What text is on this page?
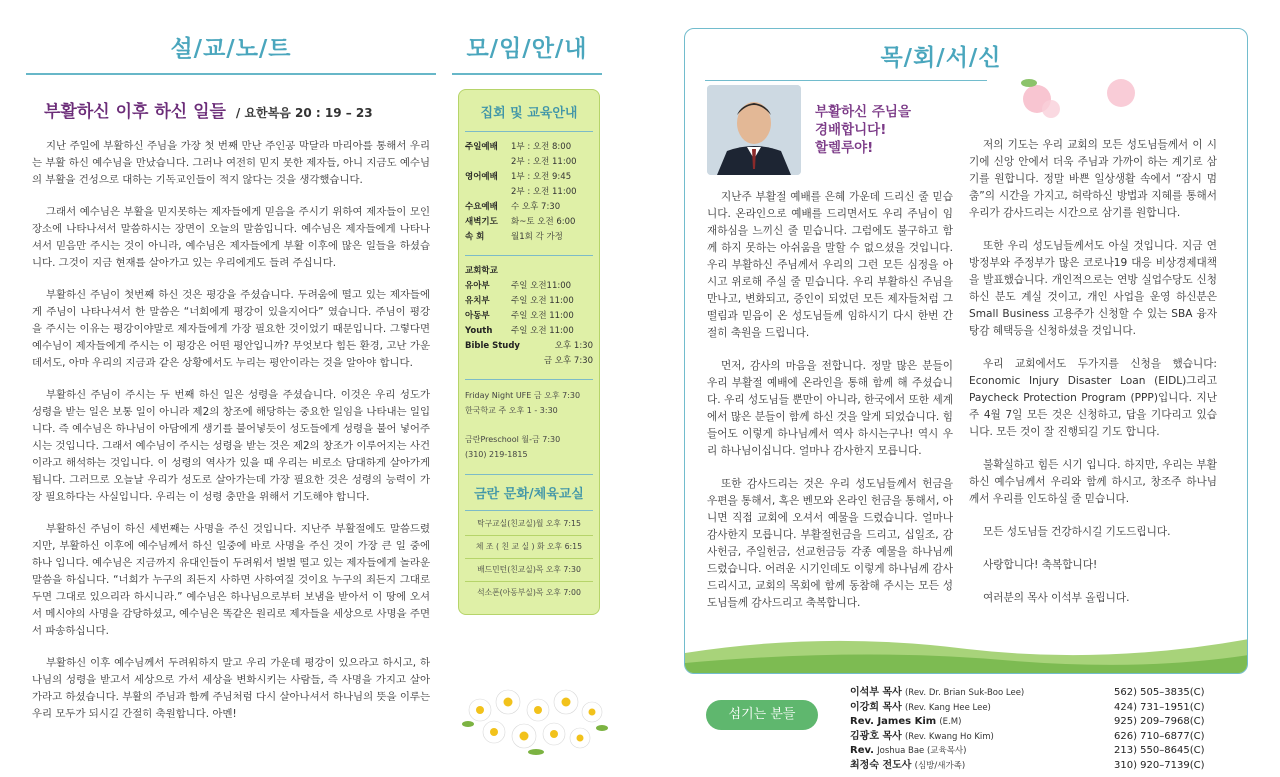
설/교/노/트
부활하신 이후 하신 일들 / 요한복음 20 : 19 – 23

지난 주일에 부활하신 주님을 가장 첫 번째 만난 주인공 막달라 마리아를 통해서 우리는 부활 하신 예수님을 만났습니다. 그러나 여전히 믿지 못한 제자들, 아니 지금도 예수님의 부활을 건성으로 대하는 기독교인들이 적지 않다는 것을 생각했습니다.

그래서 예수님은 부활을 믿지못하는 제자들에게 믿음을 주시기 위하여 제자들이 모인 장소에 나타나셔서 말씀하시는 장면이 오늘의 말씀입니다. 예수님은 제자들에게 나타나셔서 믿음만 주시는 것이 아니라, 예수님은 제자들에게 부활 이후에 많은 일들을 하셨습니다. 그것이 지금 현재를 살아가고 있는 우리에게도 들려 주십니다.

부활하신 주님이 첫번째 하신 것은 평강을 주셨습니다. 두려움에 떨고 있는 제자들에게 주님이 나타나셔서 한 말씀은 “너희에게 평강이 있을지어다” 였습니다. 주님이 평강을 주시는 이유는 평강이야말로 제자들에게 가장 필요한 것이었기 때문입니다. 그렇다면 예수님이 제자들에게 주시는 이 평강은 어떤 평안입니까? 무엇보다 힘든 환경, 고난 가운데서도, 아마 우리의 지금과 같은 상황에서도 누리는 평안이라는 것을 알아야 합니다.

부활하신 주님이 주시는 두 번째 하신 일은 성령을 주셨습니다. 이것은 우리 성도가 성령을 받는 일은 보통 일이 아니라 제2의 창조에 해당하는 중요한 일임을 나타내는 일입니다. 즉 예수님은 하나님이 아담에게 생기를 불어넣듯이 성도들에게 성령을 불어 넣어주시는 것입니다. 그래서 예수님이 주시는 성령을 받는 것은 제2의 창조가 이루어지는 사건이라고 해석하는 것입니다. 이 성령의 역사가 있을 때 우리는 비로소 담대하게 살아가게 됩니다. 그러므로 오늘날 우리가 성도로 살아가는데 가장 필요한 것은 성령의 능력이 가장 필요하다는 사실입니다. 우리는 이 성령 충만을 위해서 기도해야 합니다.

부활하신 주님이 하신 세번째는 사명을 주신 것입니다. 지난주 부활절에도 말씀드렸지만, 부활하신 이후에 예수님께서 하신 일중에 바로 사명을 주신 것이 가장 큰 일 중에 하나 입니다. 예수님은 지금까지 유대인들이 두려워서 벌벌 떨고 있는 제자들에게 놀라운 말씀을 하십니다. “너희가 누구의 죄든지 사하면 사하여질 것이요 누구의 죄든지 그대로 두면 그대로 있으리라 하시니라.” 예수님은 하나님으로부터 보냄을 받아서 이 땅에 오셔서 메시야의 사명을 감당하셨고, 예수님은 똑같은 원리로 제자들을 세상으로 사명을 주면서 파송하십니다.

부활하신 이후 예수님께서 두려워하지 말고 우리 가운데 평강이 있으라고 하시고, 하나님의 성령을 받고서 세상으로 가서 세상을 변화시키는 사람들, 즉 사명을 가지고 살아가라고 하셨습니다. 부활의 주님과 함께 주님처럼 다시 살아나셔서 하나님의 뜻을 이루는 우리 모두가 되시길 간절히 축원합니다. 아멘!

모/임/안/내
집회 및 교육안내
주일예배	1부 : 오전 8:00
2부 : 오전 11:00
영어예배	1부 : 오전 9:45
2부 : 오전 11:00
수요예배	수 오후 7:30
새벽기도	화~토 오전 6:00
속 회	월1회 각 가정
교회학교
유아부	주일 오전11:00
유치부	주일 오전 11:00
아동부	주일 오전 11:00
Youth	주일 오전 11:00
Bible Study	오후 1:30
금 오후 7:30
Friday Night UFE 금 오후 7:30
한국학교 주 오후 1 - 3:30
금란Preschool 월-금 7:30
(310) 219-1815
금란 문화/체육교실
탁구교실(친교실)월 오후 7:15
체 조 ( 친 교 실 ) 화 오후 6:15
배드민턴(친교실)목 오후 7:30
석소폰(아동부실)목 오후 7:00
목/회/서/신
부활하신 주님을
경배합니다!
할렐루야!

지난주 부활절 예배를 은혜 가운데 드리신 줄 믿습니다. 온라인으로 예배를 드리면서도 우리 주님이 임재하심을 느끼신 줄 믿습니다. 그럼에도 불구하고 함께 하지 못하는 아쉬움을 말할 수 없으셨을 것입니다. 우리 부활하신 주님께서 우리의 그런 모든 심정을 아시고 위로해 주실 줄 믿습니다. 우리 부활하신 주님을 만나고, 변화되고, 증인이 되었던 모든 제자들처럼 그 떨림과 믿음이 온 성도님들께 임하시기 다시 한번 간절히 축원을 드립니다.

먼저, 감사의 마음을 전합니다. 정말 많은 분들이 우리 부활절 예배에 온라인을 통해 함께 해 주셨습니다. 우리 성도님들 뿐만이 아니라, 한국에서 또한 세계에서 많은 분들이 함께 하신 것을 알게 되었습니다. 힘들어도 이렇게 하나님께서 역사 하시는구나! 역시 우리 하나님이십니다. 얼마나 감사한지 모릅니다.

또한 감사드리는 것은 우리 성도님들께서 헌금을 우편을 통해서, 혹은 벤모와 온라인 헌금을 통해서, 아니면 직접 교회에 오셔서 예물을 드렸습니다. 얼마나 감사한지 모릅니다. 부활절헌금을 드리고, 십일조, 감사헌금, 주일헌금, 선교헌금등 각종 예물을 하나님께 드렸습니다. 어려운 시기인데도 이렇게 하나님께 감사드리시고, 교회의 목회에 함께 동참해 주시는 모든 성도님들께 감사드리고 축복합니다.

저의 기도는 우리 교회의 모든 성도님들께서 이 시기에 신앙 안에서 더욱 주님과 가까이 하는 계기로 삼기를 원합니다. 정말 바쁜 일상생활 속에서 “잠시 멈춤”의 시간을 가지고, 허락하신 방법과 지혜를 통해서 우리가 감사드리는 시간으로 삼기를 원합니다.

또한 우리 성도님들께서도 아실 것입니다. 지금 연방정부와 주정부가 많은 코로나19 대응 비상경제대책을 발표했습니다. 개인적으로는 연방 실업수당도 신청하신 분도 계실 것이고, 개인 사업을 운영 하신분은 Small Business 고용주가 신청할 수 있는 SBA 융자 탕감 혜택등을 신청하셨을 것입니다.

우리 교회에서도 두가지를 신청을 했습니다: Economic Injury Disaster Loan (EIDL)그리고 Paycheck Protection Program (PPP)입니다. 지난 주 4월 7일 모든 것은 신청하고, 답을 기다리고 있습니다. 모든 것이 잘 진행되길 기도 합니다.

불확실하고 힘든 시기 입니다. 하지만, 우리는 부활하신 예수님께서 우리와 함께 하시고, 창조주 하나님께서 우리를 인도하실 줄 믿습니다.

모든 성도님들 건강하시길 기도드립니다.

사랑합니다! 축복합니다!

여러분의 목사 이석부 올립니다.

섬기는 분들
이석부 목사 (Rev. Dr. Brian Suk-Boo Lee)	562) 505–3835(C)
이강희 목사 (Rev. Kang Hee Lee)	424) 731–1951(C)
Rev. James Kim (E.M)	925) 209–7968(C)
김광호 목사 (Rev. Kwang Ho Kim)	626) 710–6877(C)
Rev. Joshua Bae (교육목사)	213) 550–8645(C)
최정숙 전도사 (심방/새가족)	310) 920–7139(C)
